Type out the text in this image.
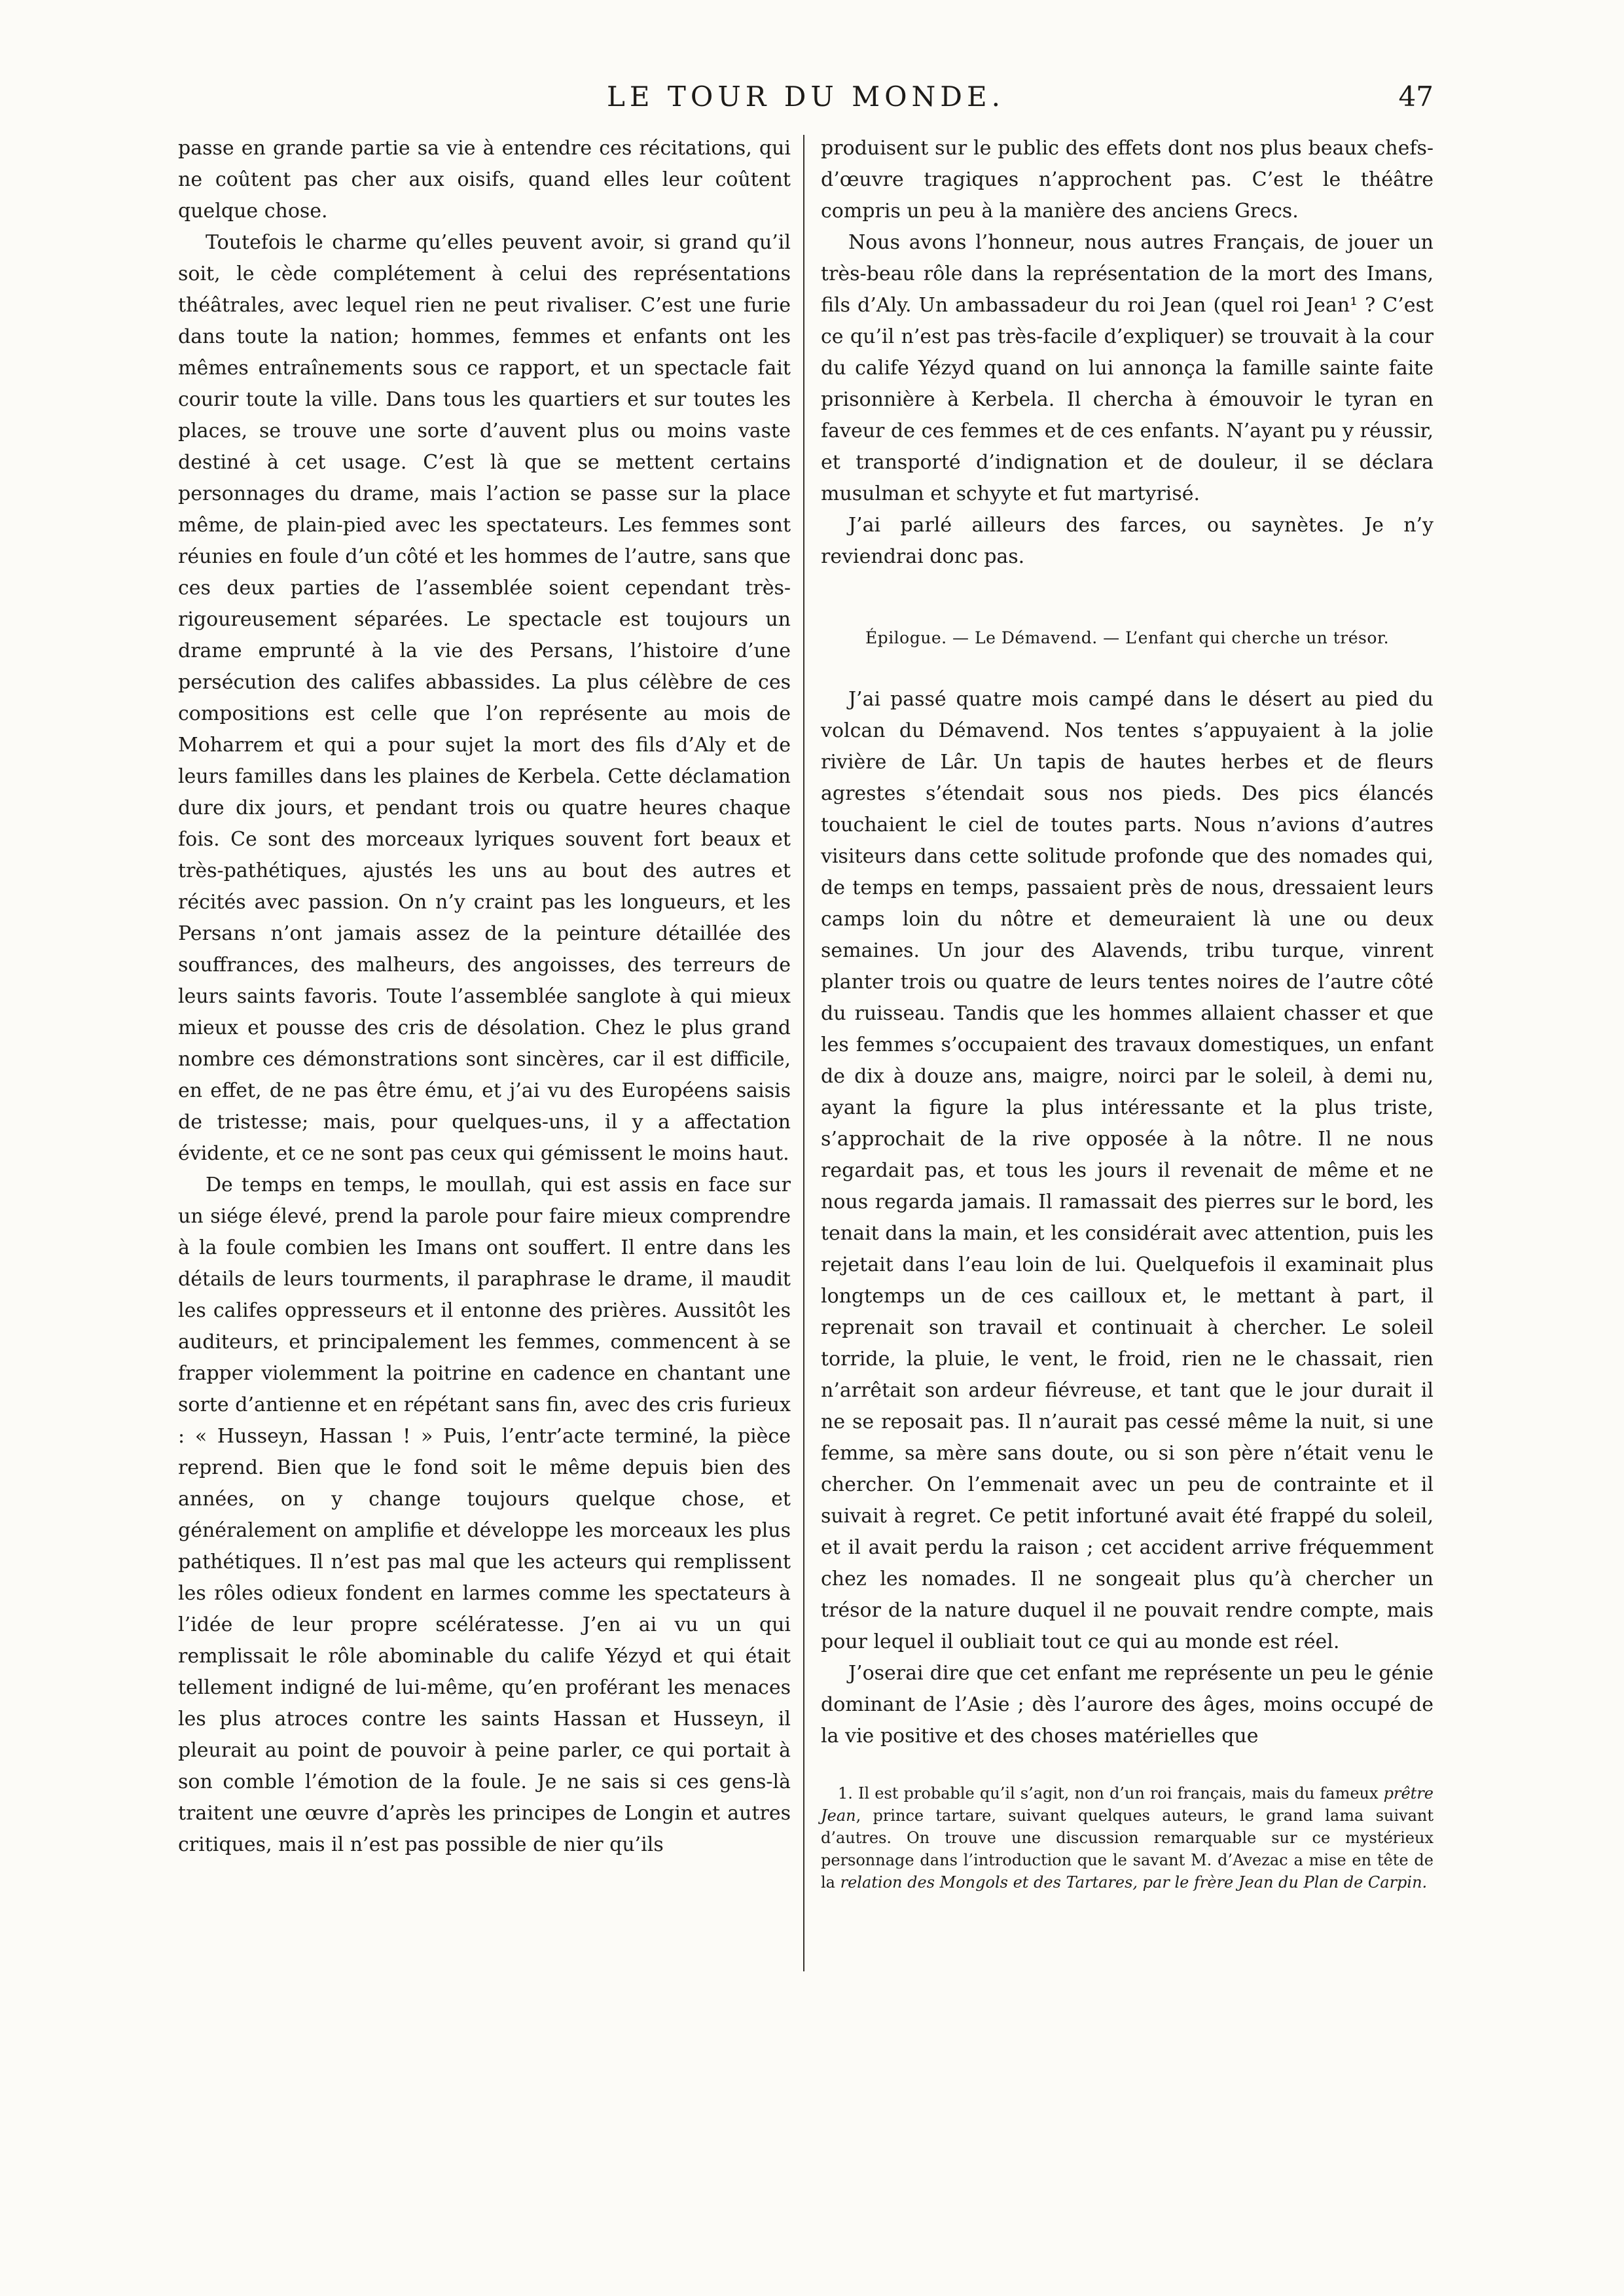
LE TOUR DU MONDE.	47

passe en grande partie sa vie à entendre ces récitations, qui ne coûtent pas cher aux oisifs, quand elles leur coûtent quelque chose.

Toutefois le charme qu’elles peuvent avoir, si grand qu’il soit, le cède complétement à celui des représentations théâtrales, avec lequel rien ne peut rivaliser. C’est une furie dans toute la nation; hommes, femmes et enfants ont les mêmes entraînements sous ce rapport, et un spectacle fait courir toute la ville. Dans tous les quartiers et sur toutes les places, se trouve une sorte d’auvent plus ou moins vaste destiné à cet usage. C’est là que se mettent certains personnages du drame, mais l’action se passe sur la place même, de plain-pied avec les spectateurs. Les femmes sont réunies en foule d’un côté et les hommes de l’autre, sans que ces deux parties de l’assemblée soient cependant très-rigoureusement séparées. Le spectacle est toujours un drame emprunté à la vie des Persans, l’histoire d’une persécution des califes abbassides. La plus célèbre de ces compositions est celle que l’on représente au mois de Moharrem et qui a pour sujet la mort des fils d’Aly et de leurs familles dans les plaines de Kerbela. Cette déclamation dure dix jours, et pendant trois ou quatre heures chaque fois. Ce sont des morceaux lyriques souvent fort beaux et très-pathétiques, ajustés les uns au bout des autres et récités avec passion. On n’y craint pas les longueurs, et les Persans n’ont jamais assez de la peinture détaillée des souffrances, des malheurs, des angoisses, des terreurs de leurs saints favoris. Toute l’assemblée sanglote à qui mieux mieux et pousse des cris de désolation. Chez le plus grand nombre ces démonstrations sont sincères, car il est difficile, en effet, de ne pas être ému, et j’ai vu des Européens saisis de tristesse; mais, pour quelques-uns, il y a affectation évidente, et ce ne sont pas ceux qui gémissent le moins haut.

De temps en temps, le moullah, qui est assis en face sur un siége élevé, prend la parole pour faire mieux comprendre à la foule combien les Imans ont souffert. Il entre dans les détails de leurs tourments, il paraphrase le drame, il maudit les califes oppresseurs et il entonne des prières. Aussitôt les auditeurs, et principalement les femmes, commencent à se frapper violemment la poitrine en cadence en chantant une sorte d’antienne et en répétant sans fin, avec des cris furieux : « Husseyn, Hassan ! » Puis, l’entr’acte terminé, la pièce reprend. Bien que le fond soit le même depuis bien des années, on y change toujours quelque chose, et généralement on amplifie et développe les morceaux les plus pathétiques. Il n’est pas mal que les acteurs qui remplissent les rôles odieux fondent en larmes comme les spectateurs à l’idée de leur propre scélératesse. J’en ai vu un qui remplissait le rôle abominable du calife Yézyd et qui était tellement indigné de lui-même, qu’en proférant les menaces les plus atroces contre les saints Hassan et Husseyn, il pleurait au point de pouvoir à peine parler, ce qui portait à son comble l’émotion de la foule. Je ne sais si ces gens-là traitent une œuvre d’après les principes de Longin et autres critiques, mais il n’est pas possible de nier qu’ils

produisent sur le public des effets dont nos plus beaux chefs-d’œuvre tragiques n’approchent pas. C’est le théâtre compris un peu à la manière des anciens Grecs.

Nous avons l’honneur, nous autres Français, de jouer un très-beau rôle dans la représentation de la mort des Imans, fils d’Aly. Un ambassadeur du roi Jean (quel roi Jean¹ ? C’est ce qu’il n’est pas très-facile d’expliquer) se trouvait à la cour du calife Yézyd quand on lui annonça la famille sainte faite prisonnière à Kerbela. Il chercha à émouvoir le tyran en faveur de ces femmes et de ces enfants. N’ayant pu y réussir, et transporté d’indignation et de douleur, il se déclara musulman et schyyte et fut martyrisé.

J’ai parlé ailleurs des farces, ou saynètes. Je n’y reviendrai donc pas.

Épilogue. — Le Démavend. — L’enfant qui cherche un trésor.

J’ai passé quatre mois campé dans le désert au pied du volcan du Démavend. Nos tentes s’appuyaient à la jolie rivière de Lâr. Un tapis de hautes herbes et de fleurs agrestes s’étendait sous nos pieds. Des pics élancés touchaient le ciel de toutes parts. Nous n’avions d’autres visiteurs dans cette solitude profonde que des nomades qui, de temps en temps, passaient près de nous, dressaient leurs camps loin du nôtre et demeuraient là une ou deux semaines. Un jour des Alavends, tribu turque, vinrent planter trois ou quatre de leurs tentes noires de l’autre côté du ruisseau. Tandis que les hommes allaient chasser et que les femmes s’occupaient des travaux domestiques, un enfant de dix à douze ans, maigre, noirci par le soleil, à demi nu, ayant la figure la plus intéressante et la plus triste, s’approchait de la rive opposée à la nôtre. Il ne nous regardait pas, et tous les jours il revenait de même et ne nous regarda jamais. Il ramassait des pierres sur le bord, les tenait dans la main, et les considérait avec attention, puis les rejetait dans l’eau loin de lui. Quelquefois il examinait plus longtemps un de ces cailloux et, le mettant à part, il reprenait son travail et continuait à chercher. Le soleil torride, la pluie, le vent, le froid, rien ne le chassait, rien n’arrêtait son ardeur fiévreuse, et tant que le jour durait il ne se reposait pas. Il n’aurait pas cessé même la nuit, si une femme, sa mère sans doute, ou si son père n’était venu le chercher. On l’emmenait avec un peu de contrainte et il suivait à regret. Ce petit infortuné avait été frappé du soleil, et il avait perdu la raison ; cet accident arrive fréquemment chez les nomades. Il ne songeait plus qu’à chercher un trésor de la nature duquel il ne pouvait rendre compte, mais pour lequel il oubliait tout ce qui au monde est réel.

J’oserai dire que cet enfant me représente un peu le génie dominant de l’Asie ; dès l’aurore des âges, moins occupé de la vie positive et des choses matérielles que

1. Il est probable qu’il s’agit, non d’un roi français, mais du fameux prêtre Jean, prince tartare, suivant quelques auteurs, le grand lama suivant d’autres. On trouve une discussion remarquable sur ce mystérieux personnage dans l’introduction que le savant M. d’Avezac a mise en tête de la relation des Mongols et des Tartares, par le frère Jean du Plan de Carpin.
